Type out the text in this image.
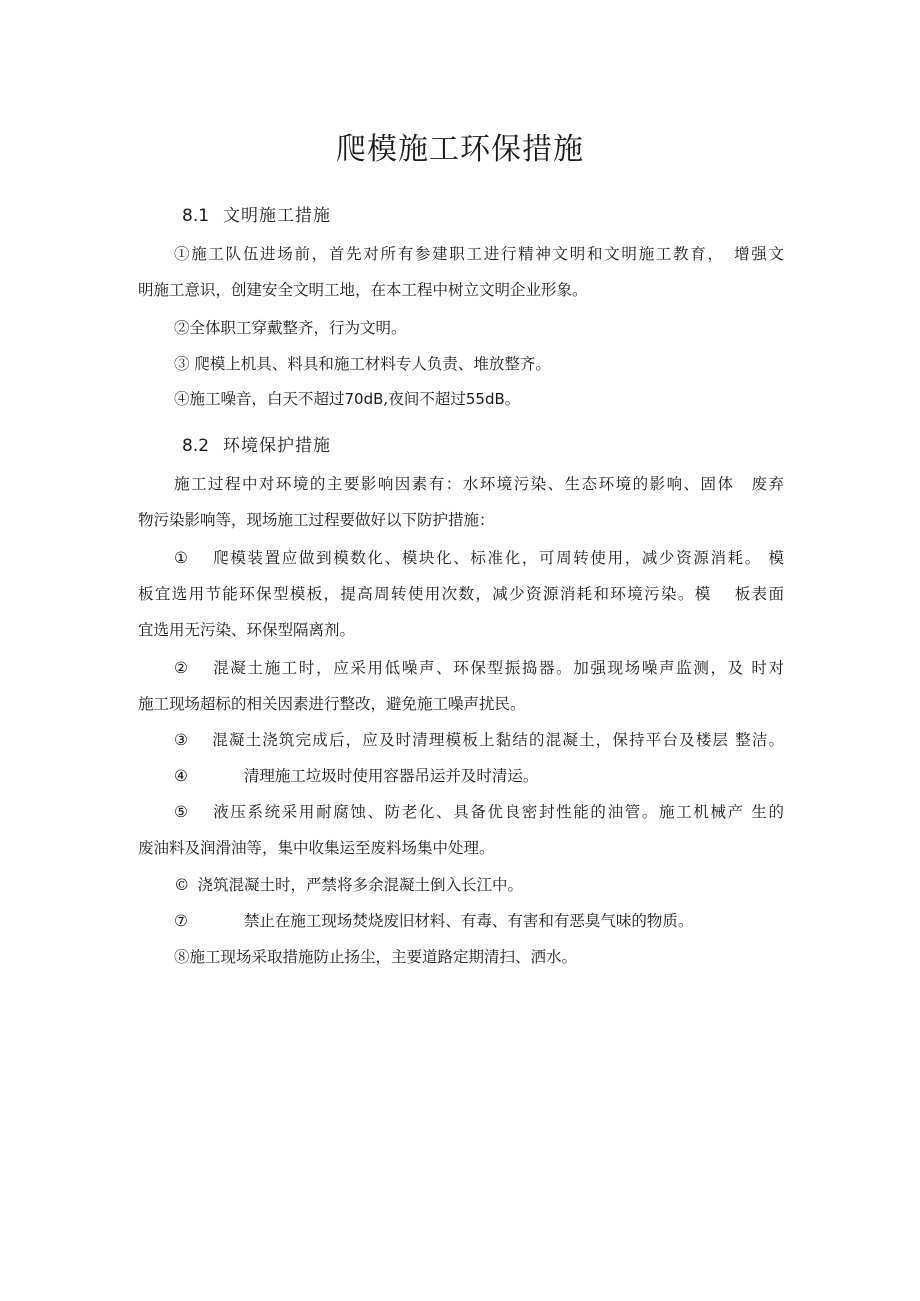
爬模施工环保措施
8.1 文明施工措施
①施工队伍进场前，首先对所有参建职工进行精神文明和文明施工教育，　增强文
明施工意识，创建安全文明工地，在本工程中树立文明企业形象。
②全体职工穿戴整齐，行为文明。
③ 爬模上机具、料具和施工材料专人负责、堆放整齐。
④施工噪音，白天不超过70dB,夜间不超过55dB。
8.2 环境保护措施
施工过程中对环境的主要影响因素有：水环境污染、生态环境的影响、固体　废弃
物污染影响等，现场施工过程要做好以下防护措施：
① 爬模装置应做到模数化、模块化、标准化，可周转使用，减少资源消耗。 模
板宜选用节能环保型模板，提高周转使用次数，减少资源消耗和环境污染。模　 板表面
宜选用无污染、环保型隔离剂。
② 混凝土施工时，应采用低噪声、环保型振捣器。加强现场噪声监测，及 时对
施工现场超标的相关因素进行整改，避免施工噪声扰民。
③ 混凝土浇筑完成后，应及时清理模板上黏结的混凝土，保持平台及楼层 整洁。
④	清理施工垃圾时使用容器吊运并及时清运。
⑤ 液压系统采用耐腐蚀、防老化、具备优良密封性能的油管。施工机械产 生的
废油料及润滑油等，集中收集运至废料场集中处理。
© 浇筑混凝土时，严禁将多余混凝土倒入长江中。
⑦	禁止在施工现场焚烧废旧材料、有毒、有害和有恶臭气味的物质。
⑧施工现场采取措施防止扬尘，主要道路定期清扫、洒水。
